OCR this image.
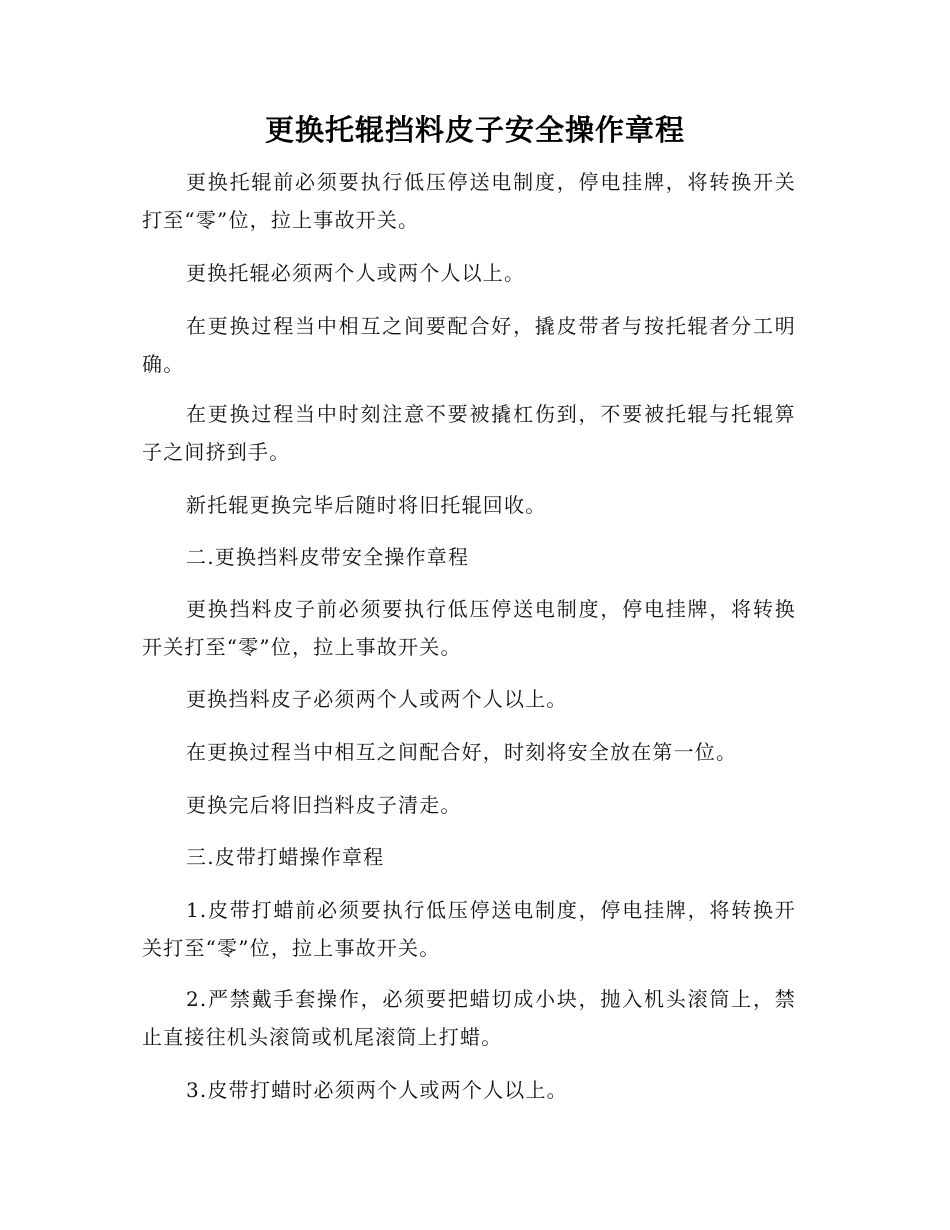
更换托辊挡料皮子安全操作章程

更换托辊前必须要执行低压停送电制度，停电挂牌，将转换开关打至“零”位，拉上事故开关。

更换托辊必须两个人或两个人以上。

在更换过程当中相互之间要配合好，撬皮带者与按托辊者分工明确。

在更换过程当中时刻注意不要被撬杠伤到，不要被托辊与托辊箅子之间挤到手。

新托辊更换完毕后随时将旧托辊回收。

二.更换挡料皮带安全操作章程

更换挡料皮子前必须要执行低压停送电制度，停电挂牌，将转换开关打至“零”位，拉上事故开关。

更换挡料皮子必须两个人或两个人以上。

在更换过程当中相互之间配合好，时刻将安全放在第一位。

更换完后将旧挡料皮子清走。

三.皮带打蜡操作章程

1.皮带打蜡前必须要执行低压停送电制度，停电挂牌，将转换开关打至“零”位，拉上事故开关。

2.严禁戴手套操作，必须要把蜡切成小块，抛入机头滚筒上，禁止直接往机头滚筒或机尾滚筒上打蜡。

3.皮带打蜡时必须两个人或两个人以上。
